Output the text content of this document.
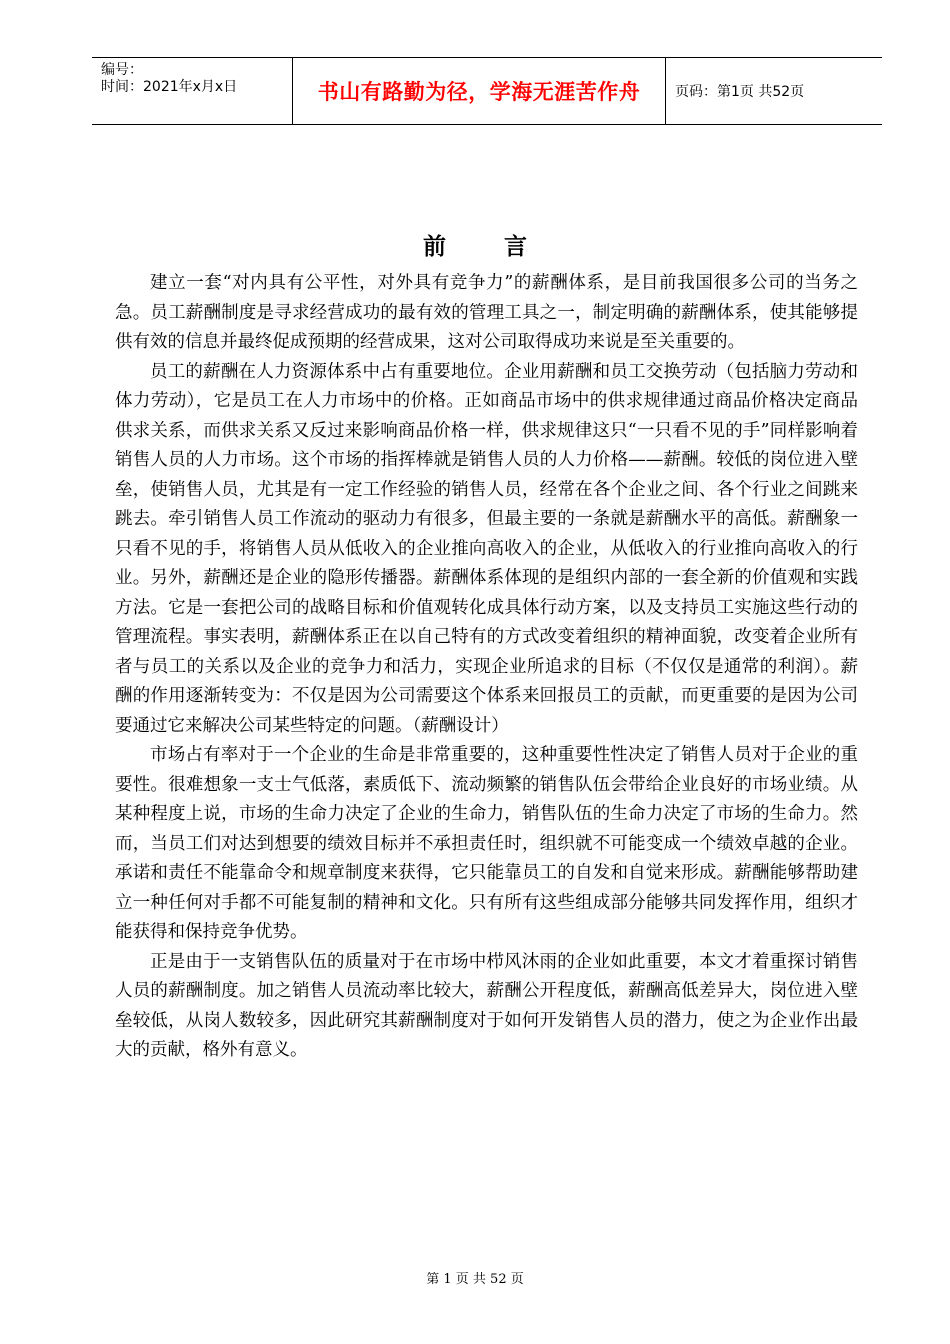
编号：
时间：2021年x月x日	书山有路勤为径，学海无涯苦作舟	页码：第1页 共52页
前言

建立一套“对内具有公平性，对外具有竞争力”的薪酬体系，是目前我国很多公司的当务之急。员工薪酬制度是寻求经营成功的最有效的管理工具之一，制定明确的薪酬体系，使其能够提供有效的信息并最终促成预期的经营成果，这对公司取得成功来说是至关重要的。

员工的薪酬在人力资源体系中占有重要地位。企业用薪酬和员工交换劳动（包括脑力劳动和体力劳动），它是员工在人力市场中的价格。正如商品市场中的供求规律通过商品价格决定商品供求关系，而供求关系又反过来影响商品价格一样，供求规律这只“一只看不见的手”同样影响着销售人员的人力市场。这个市场的指挥棒就是销售人员的人力价格——薪酬。较低的岗位进入壁垒，使销售人员，尤其是有一定工作经验的销售人员，经常在各个企业之间、各个行业之间跳来跳去。牵引销售人员工作流动的驱动力有很多，但最主要的一条就是薪酬水平的高低。薪酬象一只看不见的手，将销售人员从低收入的企业推向高收入的企业，从低收入的行业推向高收入的行业。另外，薪酬还是企业的隐形传播器。薪酬体系体现的是组织内部的一套全新的价值观和实践方法。它是一套把公司的战略目标和价值观转化成具体行动方案，以及支持员工实施这些行动的管理流程。事实表明，薪酬体系正在以自己特有的方式改变着组织的精神面貌，改变着企业所有者与员工的关系以及企业的竞争力和活力，实现企业所追求的目标（不仅仅是通常的利润）。薪酬的作用逐渐转变为：不仅是因为公司需要这个体系来回报员工的贡献，而更重要的是因为公司要通过它来解决公司某些特定的问题。（薪酬设计）

市场占有率对于一个企业的生命是非常重要的，这种重要性性决定了销售人员对于企业的重要性。很难想象一支士气低落，素质低下、流动频繁的销售队伍会带给企业良好的市场业绩。从某种程度上说，市场的生命力决定了企业的生命力，销售队伍的生命力决定了市场的生命力。然而，当员工们对达到想要的绩效目标并不承担责任时，组织就不可能变成一个绩效卓越的企业。承诺和责任不能靠命令和规章制度来获得，它只能靠员工的自发和自觉来形成。薪酬能够帮助建立一种任何对手都不可能复制的精神和文化。只有所有这些组成部分能够共同发挥作用，组织才能获得和保持竞争优势。

正是由于一支销售队伍的质量对于在市场中栉风沐雨的企业如此重要，本文才着重探讨销售人员的薪酬制度。加之销售人员流动率比较大，薪酬公开程度低，薪酬高低差异大，岗位进入壁垒较低，从岗人数较多，因此研究其薪酬制度对于如何开发销售人员的潜力，使之为企业作出最大的贡献，格外有意义。

第 1 页 共 52 页
